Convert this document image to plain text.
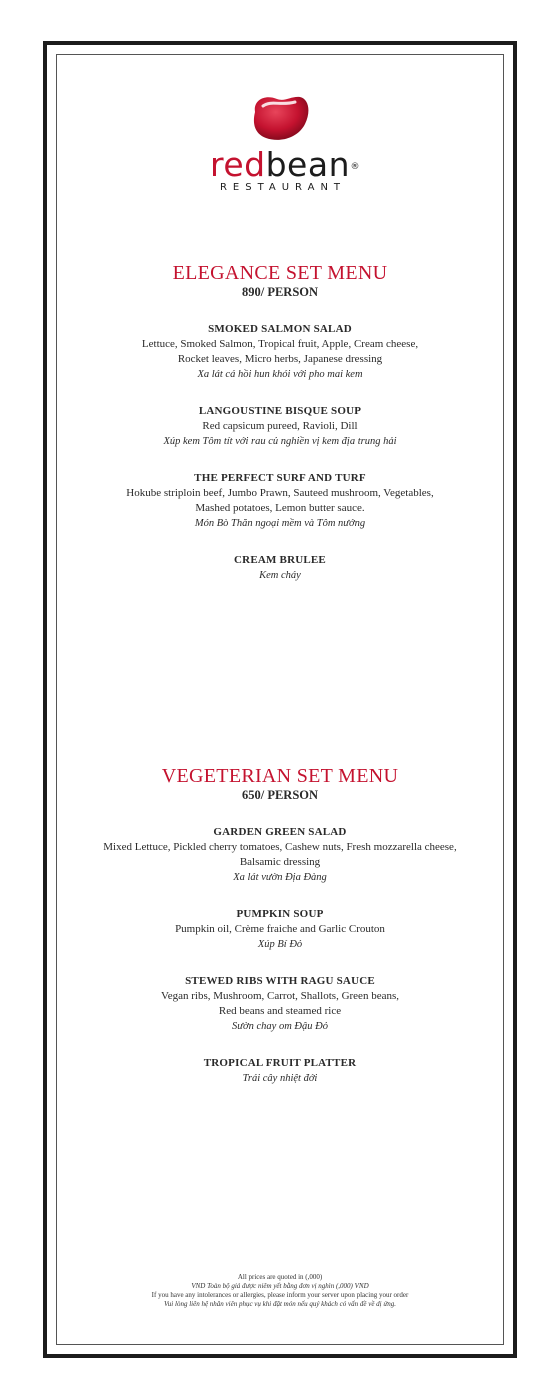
redbean ®
RESTAURANT
ELEGANCE SET MENU
890/ PERSON
SMOKED SALMON SALAD
Lettuce, Smoked Salmon, Tropical fruit, Apple, Cream cheese,
Rocket leaves, Micro herbs, Japanese dressing
Xa lát cá hồi hun khói với pho mai kem
LANGOUSTINE BISQUE SOUP
Red capsicum pureed, Ravioli, Dill
Xúp kem Tôm tít với rau củ nghiền vị kem địa trung hải
THE PERFECT SURF AND TURF
Hokube striploin beef, Jumbo Prawn, Sauteed mushroom, Vegetables,
Mashed potatoes, Lemon butter sauce.
Món Bò Thăn ngoại mềm và Tôm nướng
CREAM BRULEE
Kem cháy
VEGETERIAN SET MENU
650/ PERSON
GARDEN GREEN SALAD
Mixed Lettuce, Pickled cherry tomatoes, Cashew nuts, Fresh mozzarella cheese,
Balsamic dressing
Xa lát vườn Địa Đàng
PUMPKIN SOUP
Pumpkin oil, Crème fraiche and Garlic Crouton
Xúp Bí Đỏ
STEWED RIBS WITH RAGU SAUCE
Vegan ribs, Mushroom, Carrot, Shallots, Green beans,
Red beans and steamed rice
Sườn chay om Đậu Đỏ
TROPICAL FRUIT PLATTER
Trái cây nhiệt đới
All prices are quoted in (,000)
VND Toàn bộ giá được niêm yết bằng đơn vị nghìn (,000) VND
If you have any intolerances or allergies, please inform your server upon placing your order
Vui lòng liên hệ nhân viên phục vụ khi đặt món nếu quý khách có vấn đề về dị ứng.
